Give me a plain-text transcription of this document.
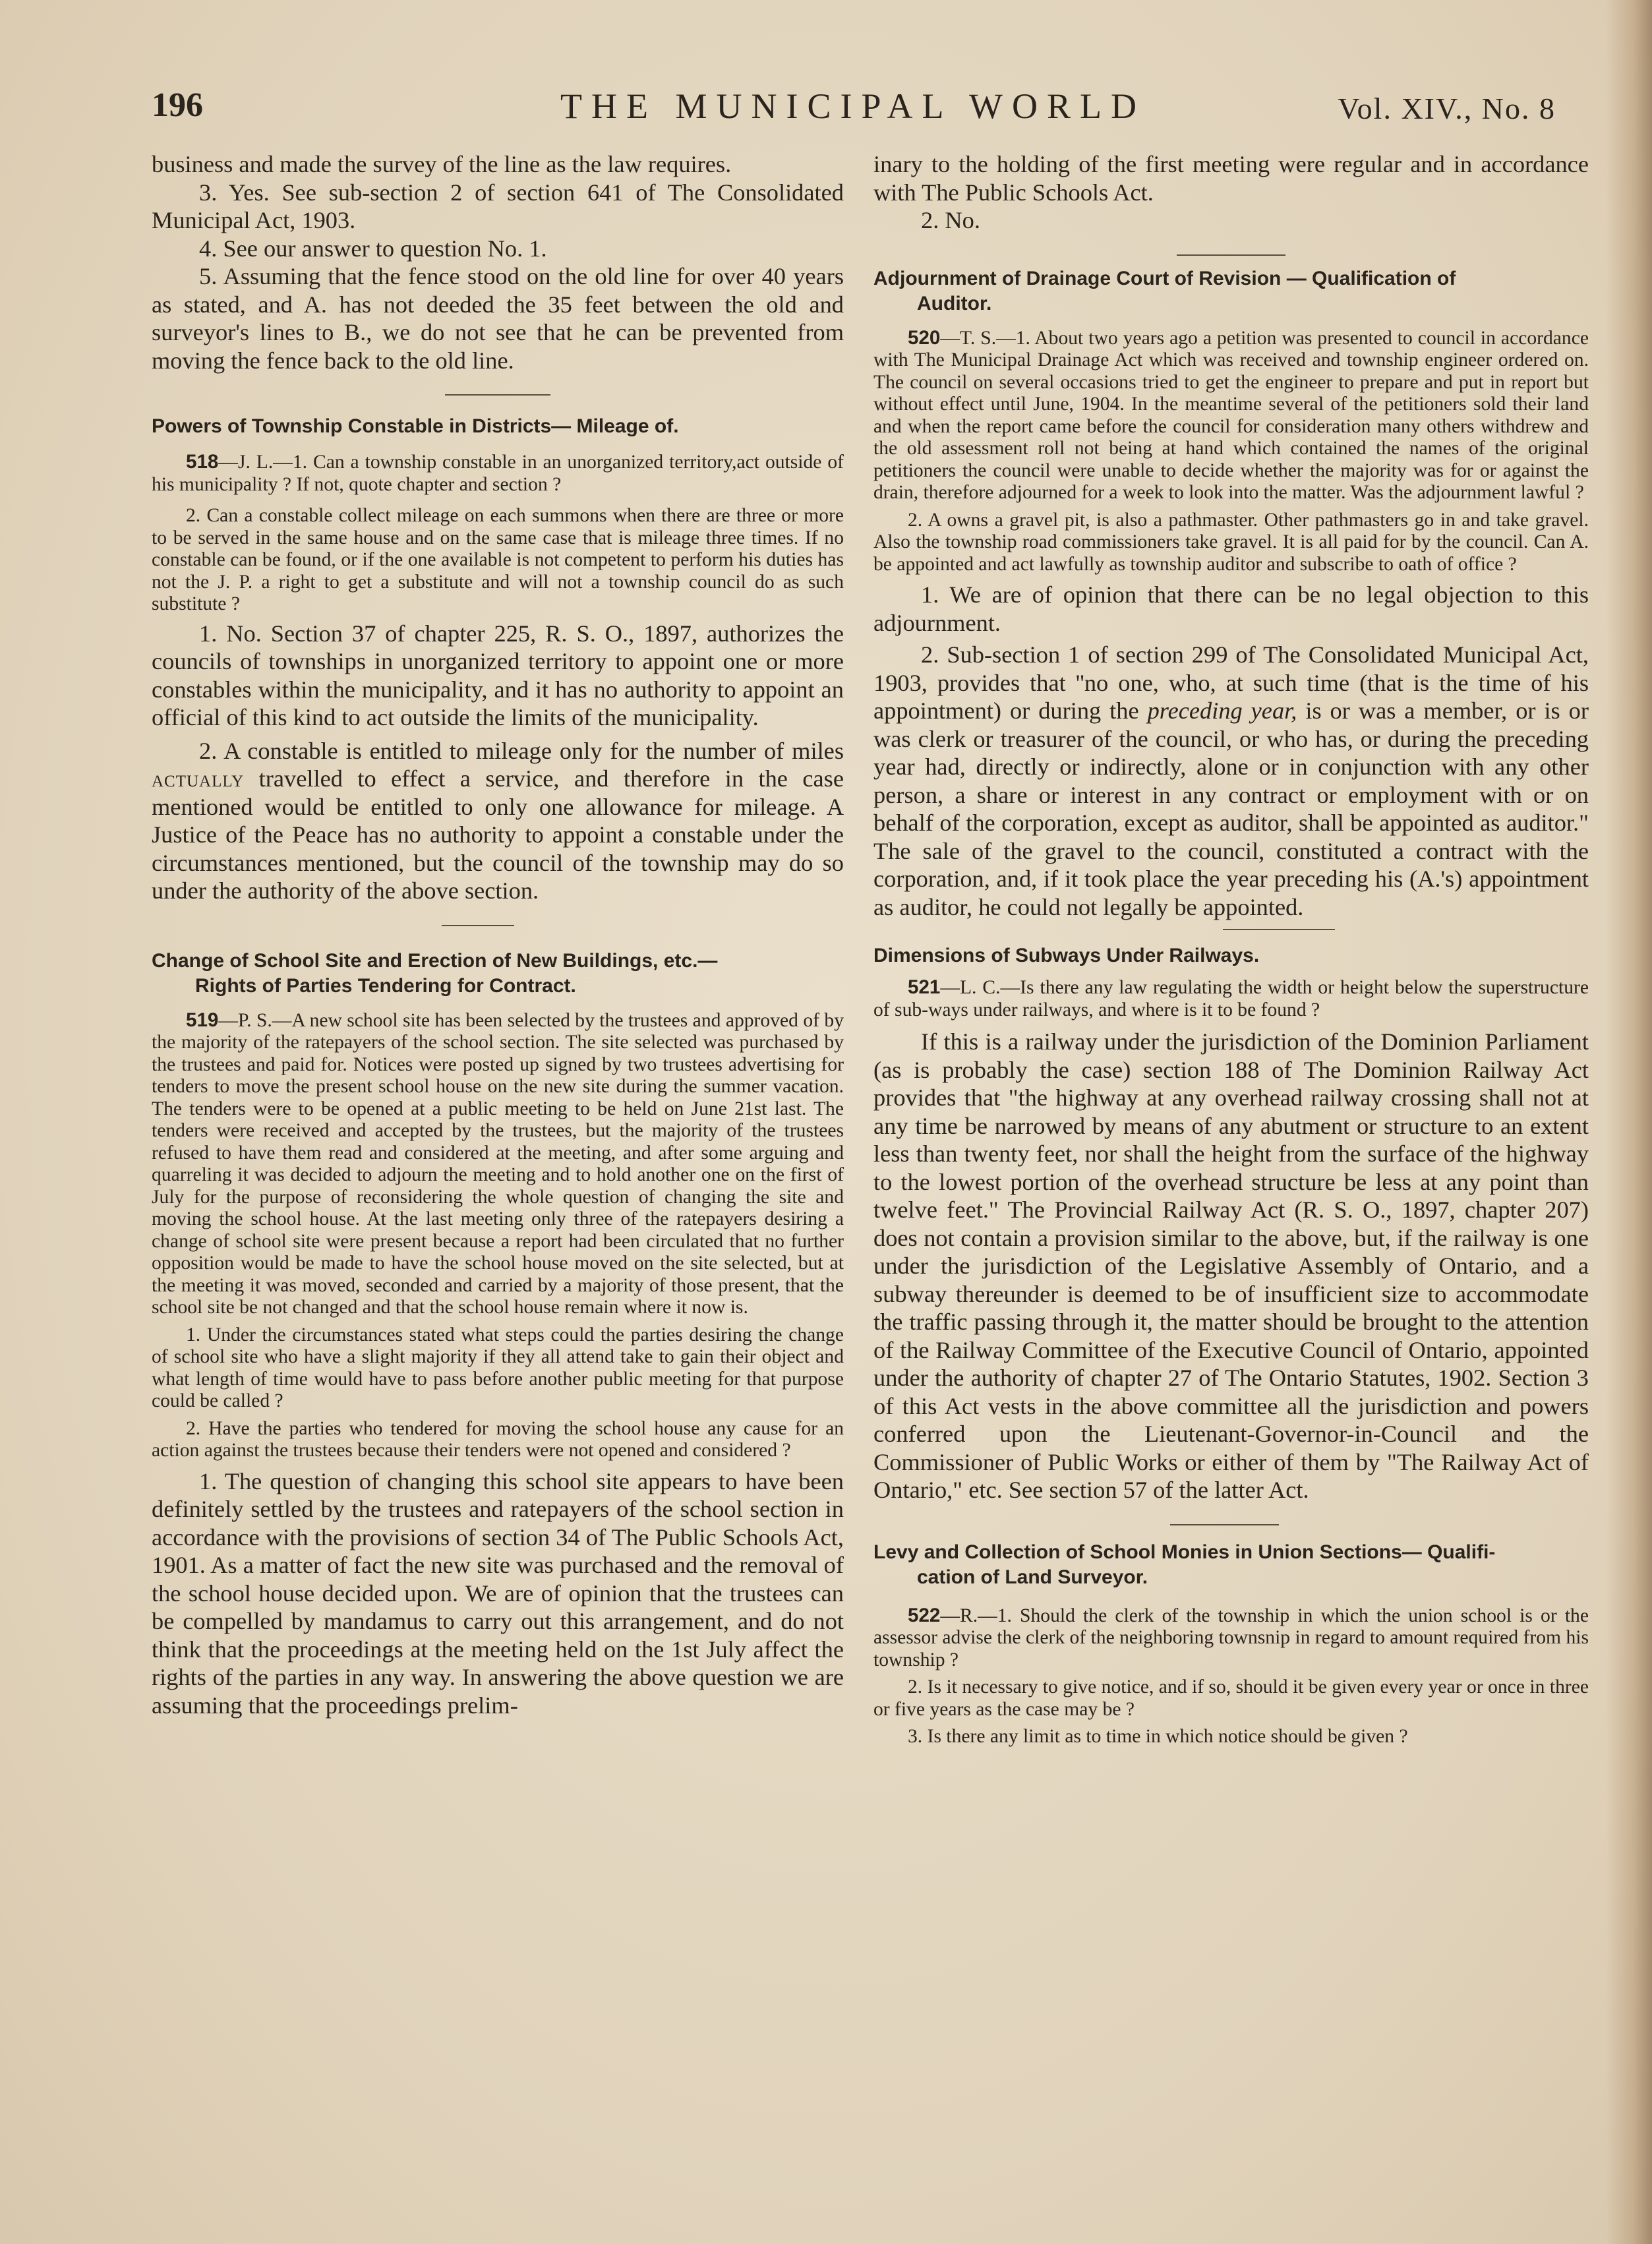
196	THE MUNICIPAL WORLD	Vol. XIV., No. 8

business and made the survey of the line as the law requires.

3. Yes. See sub-section 2 of section 641 of The Consolidated Municipal Act, 1903.

4. See our answer to question No. 1.

5. Assuming that the fence stood on the old line for over 40 years as stated, and A. has not deeded the 35 feet between the old and surveyor's lines to B., we do not see that he can be prevented from moving the fence back to the old line.

Powers of Township Constable in Districts— Mileage of.

518—J. L.—1. Can a township constable in an unorganized territory,act outside of his municipality ? If not, quote chapter and section ?

2. Can a constable collect mileage on each summons when there are three or more to be served in the same house and on the same case that is mileage three times. If no constable can be found, or if the one available is not competent to perform his duties has not the J. P. a right to get a substitute and will not a township council do as such substitute ?

1. No. Section 37 of chapter 225, R. S. O., 1897, authorizes the councils of townships in unorganized territory to appoint one or more constables within the municipality, and it has no authority to appoint an official of this kind to act outside the limits of the municipality.

2. A constable is entitled to mileage only for the number of miles actually travelled to effect a service, and therefore in the case mentioned would be entitled to only one allowance for mileage. A Justice of the Peace has no authority to appoint a constable under the circumstances mentioned, but the council of the township may do so under the authority of the above section.

Change of School Site and Erection of New Buildings, etc.—
Rights of Parties Tendering for Contract.

519—P. S.—A new school site has been selected by the trustees and approved of by the majority of the ratepayers of the school section. The site selected was purchased by the trustees and paid for. Notices were posted up signed by two trustees advertising for tenders to move the present school house on the new site during the summer vacation. The tenders were to be opened at a public meeting to be held on June 21st last. The tenders were received and accepted by the trustees, but the majority of the trustees refused to have them read and considered at the meeting, and after some arguing and quarreling it was decided to adjourn the meeting and to hold another one on the first of July for the purpose of reconsidering the whole question of changing the site and moving the school house. At the last meeting only three of the ratepayers desiring a change of school site were present because a report had been circulated that no further opposition would be made to have the school house moved on the site selected, but at the meeting it was moved, seconded and carried by a majority of those present, that the school site be not changed and that the school house remain where it now is.

1. Under the circumstances stated what steps could the parties desiring the change of school site who have a slight majority if they all attend take to gain their object and what length of time would have to pass before another public meeting for that purpose could be called ?

2. Have the parties who tendered for moving the school house any cause for an action against the trustees because their tenders were not opened and considered ?

1. The question of changing this school site appears to have been definitely settled by the trustees and ratepayers of the school section in accordance with the provisions of section 34 of The Public Schools Act, 1901. As a matter of fact the new site was purchased and the removal of the school house decided upon. We are of opinion that the trustees can be compelled by mandamus to carry out this arrangement, and do not think that the proceedings at the meeting held on the 1st July affect the rights of the parties in any way. In answering the above question we are assuming that the proceedings prelim-

inary to the holding of the first meeting were regular and in accordance with The Public Schools Act.

2. No.

Adjournment of Drainage Court of Revision — Qualification of
Auditor.

520—T. S.—1. About two years ago a petition was presented to council in accordance with The Municipal Drainage Act which was received and township engineer ordered on. The council on several occasions tried to get the engineer to prepare and put in report but without effect until June, 1904. In the meantime several of the petitioners sold their land and when the report came before the council for consideration many others withdrew and the old assessment roll not being at hand which contained the names of the original petitioners the council were unable to decide whether the majority was for or against the drain, therefore adjourned for a week to look into the matter. Was the adjournment lawful ?

2. A owns a gravel pit, is also a pathmaster. Other pathmasters go in and take gravel. Also the township road commissioners take gravel. It is all paid for by the council. Can A. be appointed and act lawfully as township auditor and subscribe to oath of office ?

1. We are of opinion that there can be no legal objection to this adjournment.

2. Sub-section 1 of section 299 of The Consolidated Municipal Act, 1903, provides that ''no one, who, at such time (that is the time of his appointment) or during the preceding year, is or was a member, or is or was clerk or treasurer of the council, or who has, or during the preceding year had, directly or indirectly, alone or in conjunction with any other person, a share or interest in any contract or employment with or on behalf of the corporation, except as auditor, shall be appointed as auditor." The sale of the gravel to the council, constituted a contract with the corporation, and, if it took place the year preceding his (A.'s) appointment as auditor, he could not legally be appointed.

Dimensions of Subways Under Railways.

521—L. C.—Is there any law regulating the width or height below the superstructure of sub-ways under railways, and where is it to be found ?

If this is a railway under the jurisdiction of the Dominion Parliament (as is probably the case) section 188 of The Dominion Railway Act provides that "the highway at any overhead railway crossing shall not at any time be narrowed by means of any abutment or structure to an extent less than twenty feet, nor shall the height from the surface of the highway to the lowest portion of the overhead structure be less at any point than twelve feet." The Provincial Railway Act (R. S. O., 1897, chapter 207) does not contain a provision similar to the above, but, if the railway is one under the jurisdiction of the Legislative Assembly of Ontario, and a subway thereunder is deemed to be of insufficient size to accommodate the traffic passing through it, the matter should be brought to the attention of the Railway Committee of the Executive Council of Ontario, appointed under the authority of chapter 27 of The Ontario Statutes, 1902. Section 3 of this Act vests in the above committee all the jurisdiction and powers conferred upon the Lieutenant-Governor-in-Council and the Commissioner of Public Works or either of them by "The Railway Act of Ontario," etc. See section 57 of the latter Act.

Levy and Collection of School Monies in Union Sections— Qualifi-
cation of Land Surveyor.

522—R.—1. Should the clerk of the township in which the union school is or the assessor advise the clerk of the neighboring townsnip in regard to amount required from his township ?

2. Is it necessary to give notice, and if so, should it be given every year or once in three or five years as the case may be ?

3. Is there any limit as to time in which notice should be given ?
